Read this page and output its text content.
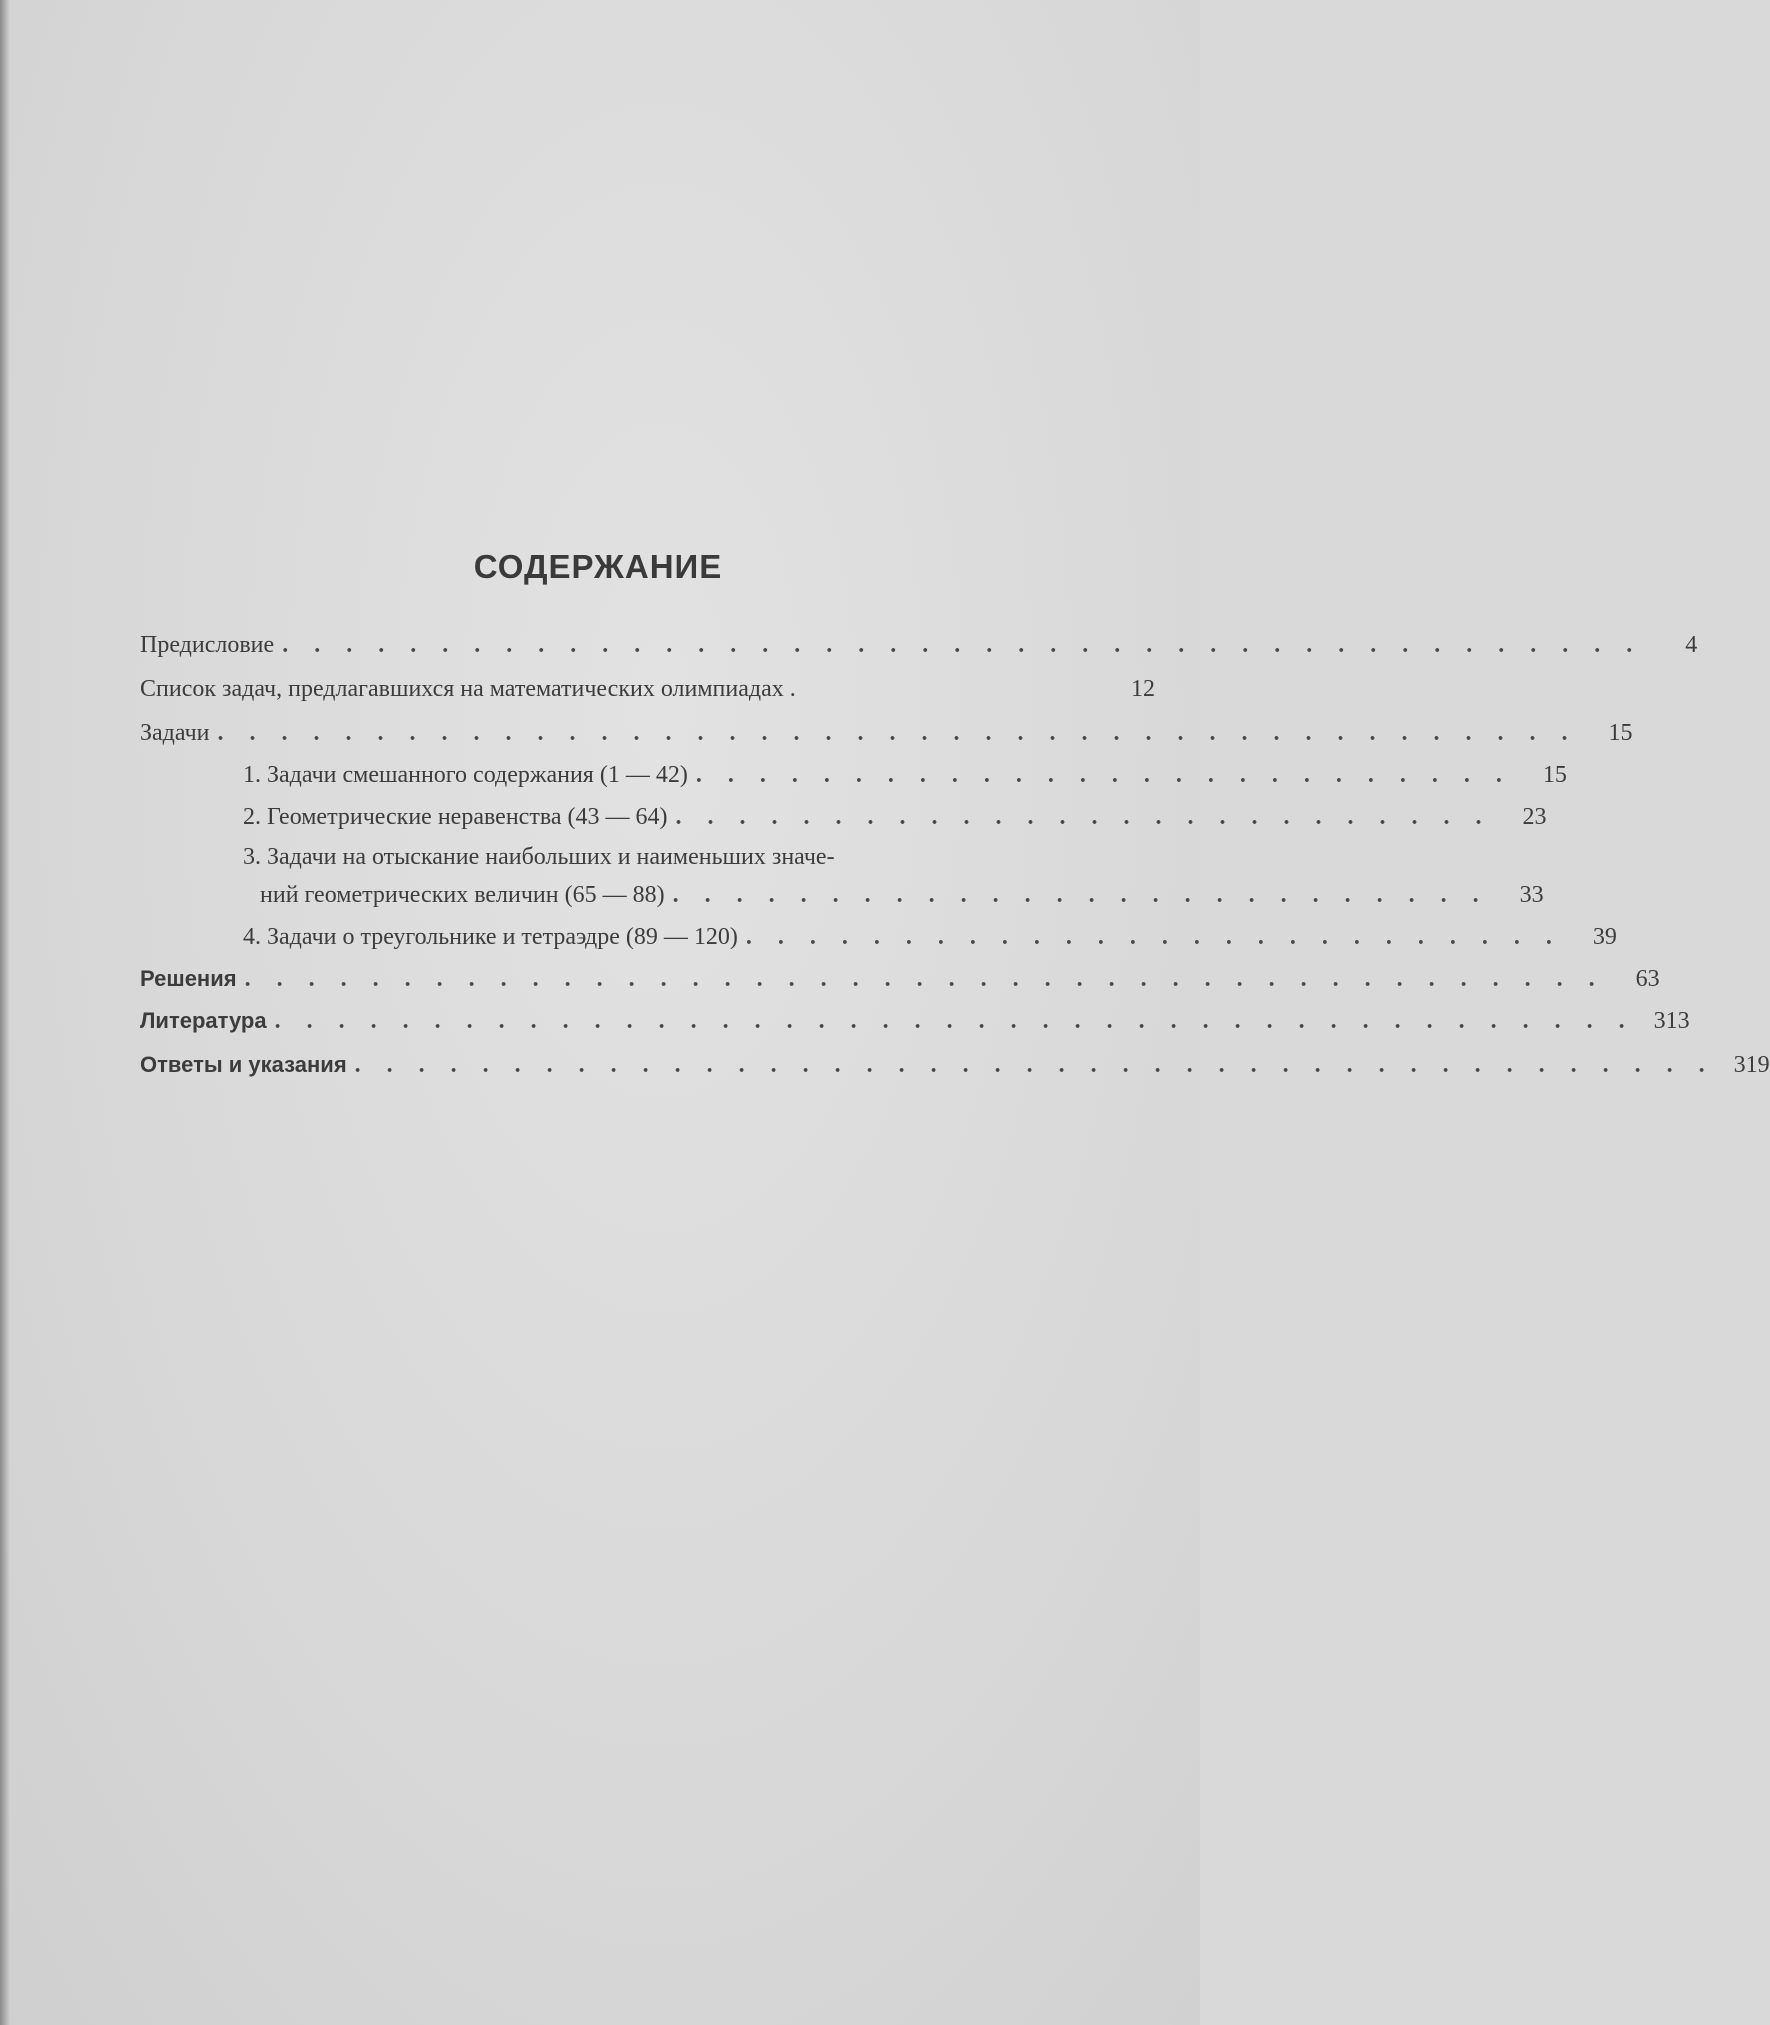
СОДЕРЖАНИЕ
Предисловие . . . . . . . . . . . . . . . . . . . . . . . . . . . . . . . . . . . . . . . . . . .	4
Список задач, предлагавшихся на математических олимпиадах .	12
Задачи . . . . . . . . . . . . . . . . . . . . . . . . . . . . . . . . . . . . . . . . . . .	15
1. Задачи смешанного содержания (1 — 42) . . . . . . . . . . . . . . . . . . . . . . . . . .	15
2. Геометрические неравенства (43 — 64) . . . . . . . . . . . . . . . . . . . . . . . . . .	23
3. Задачи на отыскание наибольших и наименьших значе-
ний геометрических величин (65 — 88) . . . . . . . . . . . . . . . . . . . . . . . . . .	33
4. Задачи о треугольнике и тетраэдре (89 — 120) . . . . . . . . . . . . . . . . . . . . . . . . . .	39
Решения . . . . . . . . . . . . . . . . . . . . . . . . . . . . . . . . . . . . . . . . . . .	63
Литература . . . . . . . . . . . . . . . . . . . . . . . . . . . . . . . . . . . . . . . . . . . 313
Ответы и указания . . . . . . . . . . . . . . . . . . . . . . . . . . . . . . . . . . . . . . . . . . . 319
